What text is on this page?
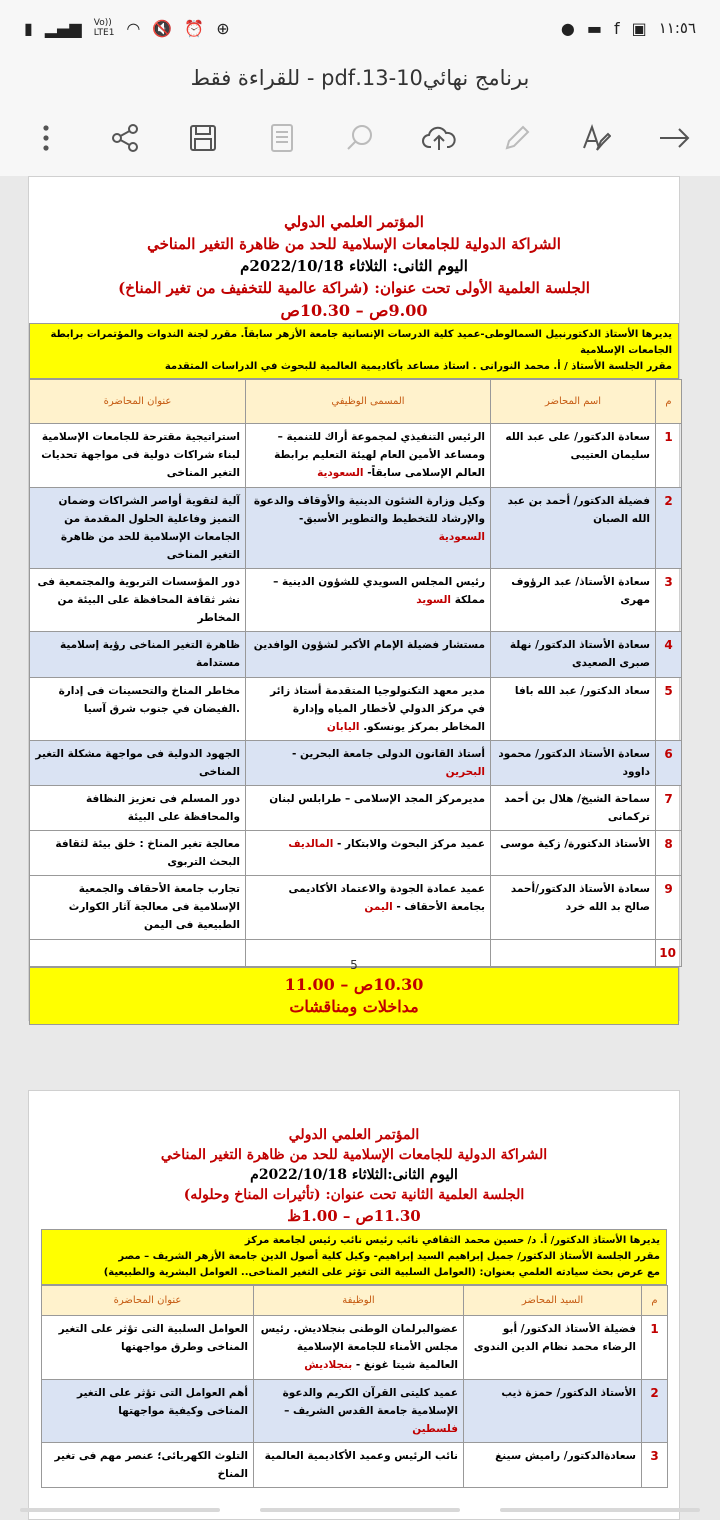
▮ ▂▄▆ Vo))
LTE1 ◠ 🔇 ⏰ ⊕	● ▬ f ▣ ١١:٥٦
برنامج نهائي10-13.pdf - للقراءة فقط
المؤتمر العلمي الدولي
الشراكة الدولية للجامعات الإسلامية للحد من ظاهرة التغير المناخي
اليوم الثانى: الثلاثاء 2022/10/18م
الجلسة العلمية الأولى تحت عنوان: (شراكة عالمية للتخفيف من تغير المناخ)
9.00ص – 10.30ص
يديرها الأستاذ الدكتورنبيل السمالوطى-عميد كلية الدرسات الإنسانية جامعة الأزهر سابقاً. مقرر لجنة الندوات والمؤتمرات برابطة الجامعات الإسلامية
مقرر الجلسة الأستاذ / أ. محمد النورانى . استاذ مساعد بأكاديمية العالمية للبحوث في الدراسات المتقدمة
م	اسم المحاضر	المسمى الوظيفي	عنوان المحاضرة
1	سعادة الدكتور/ على عبد الله سليمان العتيبى	الرئيس التنفيذي لمجموعة أراك للتنمية – ومساعد الأمين العام لهيئة التعليم برابطة العالم الإسلامى سابقاً- السعودية	استراتيجية مقترحة للجامعات الإسلامية لبناء شراكات دولية فى مواجهة تحديات التغير المناخى
2	فضيلة الدكتور/ أحمد بن عبد الله الصبان	وكيل وزارة الشئون الدينية والأوقاف والدعوة والإرشاد للتخطيط والتطوير الأسبق- السعودية	آلية لتقوية أواصر الشراكات وضمان التميز وفاعلية الحلول المقدمة من الجامعات الإسلامية للحد من ظاهرة التغير المناخى
3	سعادة الأستاذ/ عبد الرؤوف مهرى	رئيس المجلس السويدي للشؤون الدينية – مملكة السويد	دور المؤسسات التربوية والمجتمعية فى نشر ثقافة المحافظة على البيئة من المخاطر
4	سعادة الأستاذ الدكتور/ نهلة صبرى الصعيدى	مستشار فضيلة الإمام الأكبر لشؤون الوافدين	ظاهرة التغير المناخى رؤية إسلامية مستدامة
5	سعاد الدكتور/ عبد الله بافا	مدير معهد التكنولوجيا المتقدمة أستاذ زائر في مركز الدولي لأخطار المياه وإدارة المخاطر بمركز يونسكو. اليابان	مخاطر المناخ والتحسينات فى إدارة .الفيضان في جنوب شرق آسيا
6	سعادة الأستاذ الدكتور/ محمود داوود	أستاذ القانون الدولى جامعة البحرين - البحرين	الجهود الدولية فى مواجهة مشكلة التغير المناخى
7	سماحة الشيخ/ هلال بن أحمد تركمانى	مديرمركز المجد الإسلامى – طرابلس لبنان	دور المسلم فى تعزيز النظافة والمحافظة على البيئة
8	الأستاذ الدكتورة/ زكية موسى	عميد مركز البحوث والابتكار - المالديف	معالجة تغير المناخ : خلق بيئة لثقافة البحث التربوى
9	سعادة الأستاذ الدكتور/أحمد صالح بد الله خرد	عميد عمادة الجودة والاعتماد الأكاديمى بجامعة الأحقاف - اليمن	تجارب جامعة الأحقاف والجمعية الإسلامية فى معالجة آثار الكوارث الطبيعية فى اليمن
10			
10.30ص – 11.00
مداخلات ومناقشات
5
المؤتمر العلمي الدولي
الشراكة الدولية للجامعات الإسلامية للحد من ظاهرة التغير المناخي
اليوم الثانى:الثلاثاء 2022/10/18م
الجلسة العلمية الثانية تحت عنوان: (تأثيرات المناخ وحلوله)
11.30ص – 1.00ظ
يديرها الأستاذ الدكتور/ أ. د/ حسين محمد الثقافي نائب رئيس نائب رئيس لجامعة مركز
مقرر الجلسة الأستاذ الدكتور/ جميل إبراهيم السيد إبراهيم- وكيل كلية أصول الدين جامعة الأزهر الشريف – مصر
مع عرض بحث سيادته العلمي بعنوان: (العوامل السلبية التى تؤثر على التغير المناخى.. العوامل البشرية والطبيعية)
م	السيد المحاضر	الوظيفة	عنوان المحاضرة
1	فضيلة الأستاذ الدكتور/ أبو الرضاء محمد نظام الدين الندوى	عضوالبرلمان الوطنى بنجلاديش. رئيس مجلس الأمناء للجامعة الإسلامية العالمية شيتا غونغ - بنجلاديش	العوامل السلبية التى تؤثر على التغير المناخى وطرق مواجهتها
2	الأستاذ الدكتور/ حمزة ذيب	عميد كليتى القرآن الكريم والدعوة الإسلامية جامعة القدس الشريف – فلسطين	أهم العوامل التى تؤثر على التغير المناخى وكيفية مواجهتها
3	سعادةالدكتور/ راميش سينغ	نائب الرئيس وعميد الأكاديمية العالمية	التلوث الكهربائى؛ عنصر مهم فى تغير المناخ
